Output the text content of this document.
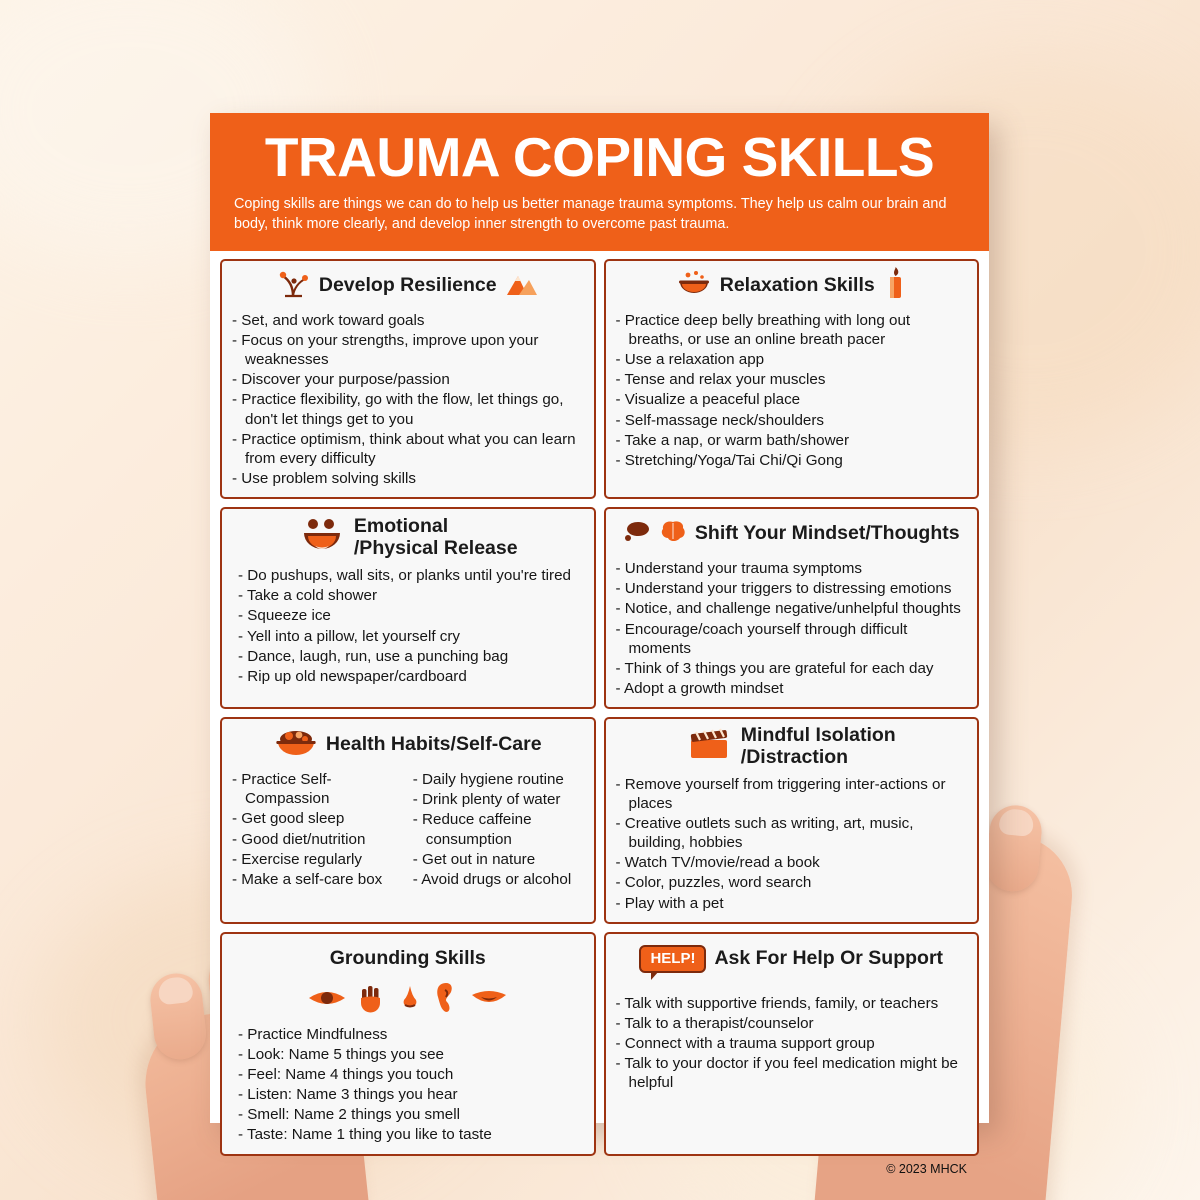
TRAUMA COPING SKILLS

Coping skills are things we can do to help us better manage trauma symptoms. They help us calm our brain and body, think more clearly, and develop inner strength to overcome past trauma.

Develop Resilience
- Set, and work toward goals
- Focus on your strengths, improve upon your weaknesses
- Discover your purpose/passion
- Practice flexibility, go with the flow, let things go, don't let things get to you
- Practice optimism, think about what you can learn from every difficulty
- Use problem solving skills
Relaxation Skills
- Practice deep belly breathing with long out breaths, or use an online breath pacer
- Use a relaxation app
- Tense and relax your muscles
- Visualize a peaceful place
- Self-massage neck/shoulders
- Take a nap, or warm bath/shower
- Stretching/Yoga/Tai Chi/Qi Gong
Emotional
/Physical Release
- Do pushups, wall sits, or planks until you're tired
- Take a cold shower
- Squeeze ice
- Yell into a pillow, let yourself cry
- Dance, laugh, run, use a punching bag
- Rip up old newspaper/cardboard
Shift Your Mindset/Thoughts
- Understand your trauma symptoms
- Understand your triggers to distressing emotions
- Notice, and challenge negative/unhelpful thoughts
- Encourage/coach yourself through difficult moments
- Think of 3 things you are grateful for each day
- Adopt a growth mindset
Health Habits/Self-Care
- Practice Self-Compassion
- Get good sleep
- Good diet/nutrition
- Exercise regularly
- Make a self-care box
- Daily hygiene routine
- Drink plenty of water
- Reduce caffeine consumption
- Get out in nature
- Avoid drugs or alcohol
Mindful Isolation
/Distraction
- Remove yourself from triggering inter-actions or places
- Creative outlets such as writing, art, music, building, hobbies
- Watch TV/movie/read a book
- Color, puzzles, word search
- Play with a pet
Grounding Skills
- Practice Mindfulness
- Look: Name 5 things you see
- Feel: Name 4 things you touch
- Listen: Name 3 things you hear
- Smell: Name 2 things you smell
- Taste: Name 1 thing you like to taste
HELP! Ask For Help Or Support
- Talk with supportive friends, family, or teachers
- Talk to a therapist/counselor
- Connect with a trauma support group
- Talk to your doctor if you feel medication might be helpful
© 2023 MHCK
